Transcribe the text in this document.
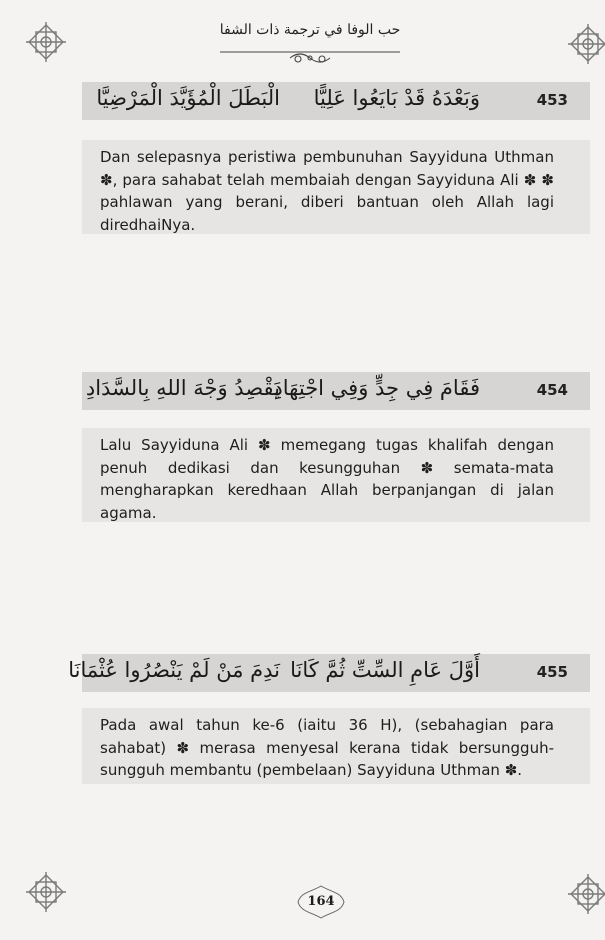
حب الوفا في ترجمة ذات الشفا
وَبَعْدَهُ قَدْ بَايَعُوا عَلِيًّا
الْبَطَلَ الْمُؤَيَّدَ الْمَرْضِيَّا	453

Dan selepasnya peristiwa pembunuhan Sayyiduna Uthman ✽, para sahabat telah membaiah dengan Sayyiduna Ali ✽ ✽ pahlawan yang berani, diberi bantuan oleh Allah lagi diredhaiNya.

فَقَامَ فِي جِدٍّ وَفِي اجْتِهَادِ
يَقْصِدُ وَجْهَ اللهِ بِالسَّدَادِ	454

Lalu Sayyiduna Ali ✽ memegang tugas khalifah dengan penuh dedikasi dan kesungguhan ✽ semata-mata mengharapkan keredhaan Allah berpanjangan di jalan agama.

أَوَّلَ عَامِ السِّتِّ ثُمَّ كَانَا
نَدِمَ مَنْ لَمْ يَنْصُرُوا عُثْمَانَا	455

Pada awal tahun ke-6 (iaitu 36 H), (sebahagian para sahabat) ✽ merasa menyesal kerana tidak bersungguh-sungguh membantu (pembelaan) Sayyiduna Uthman ✽.

164
